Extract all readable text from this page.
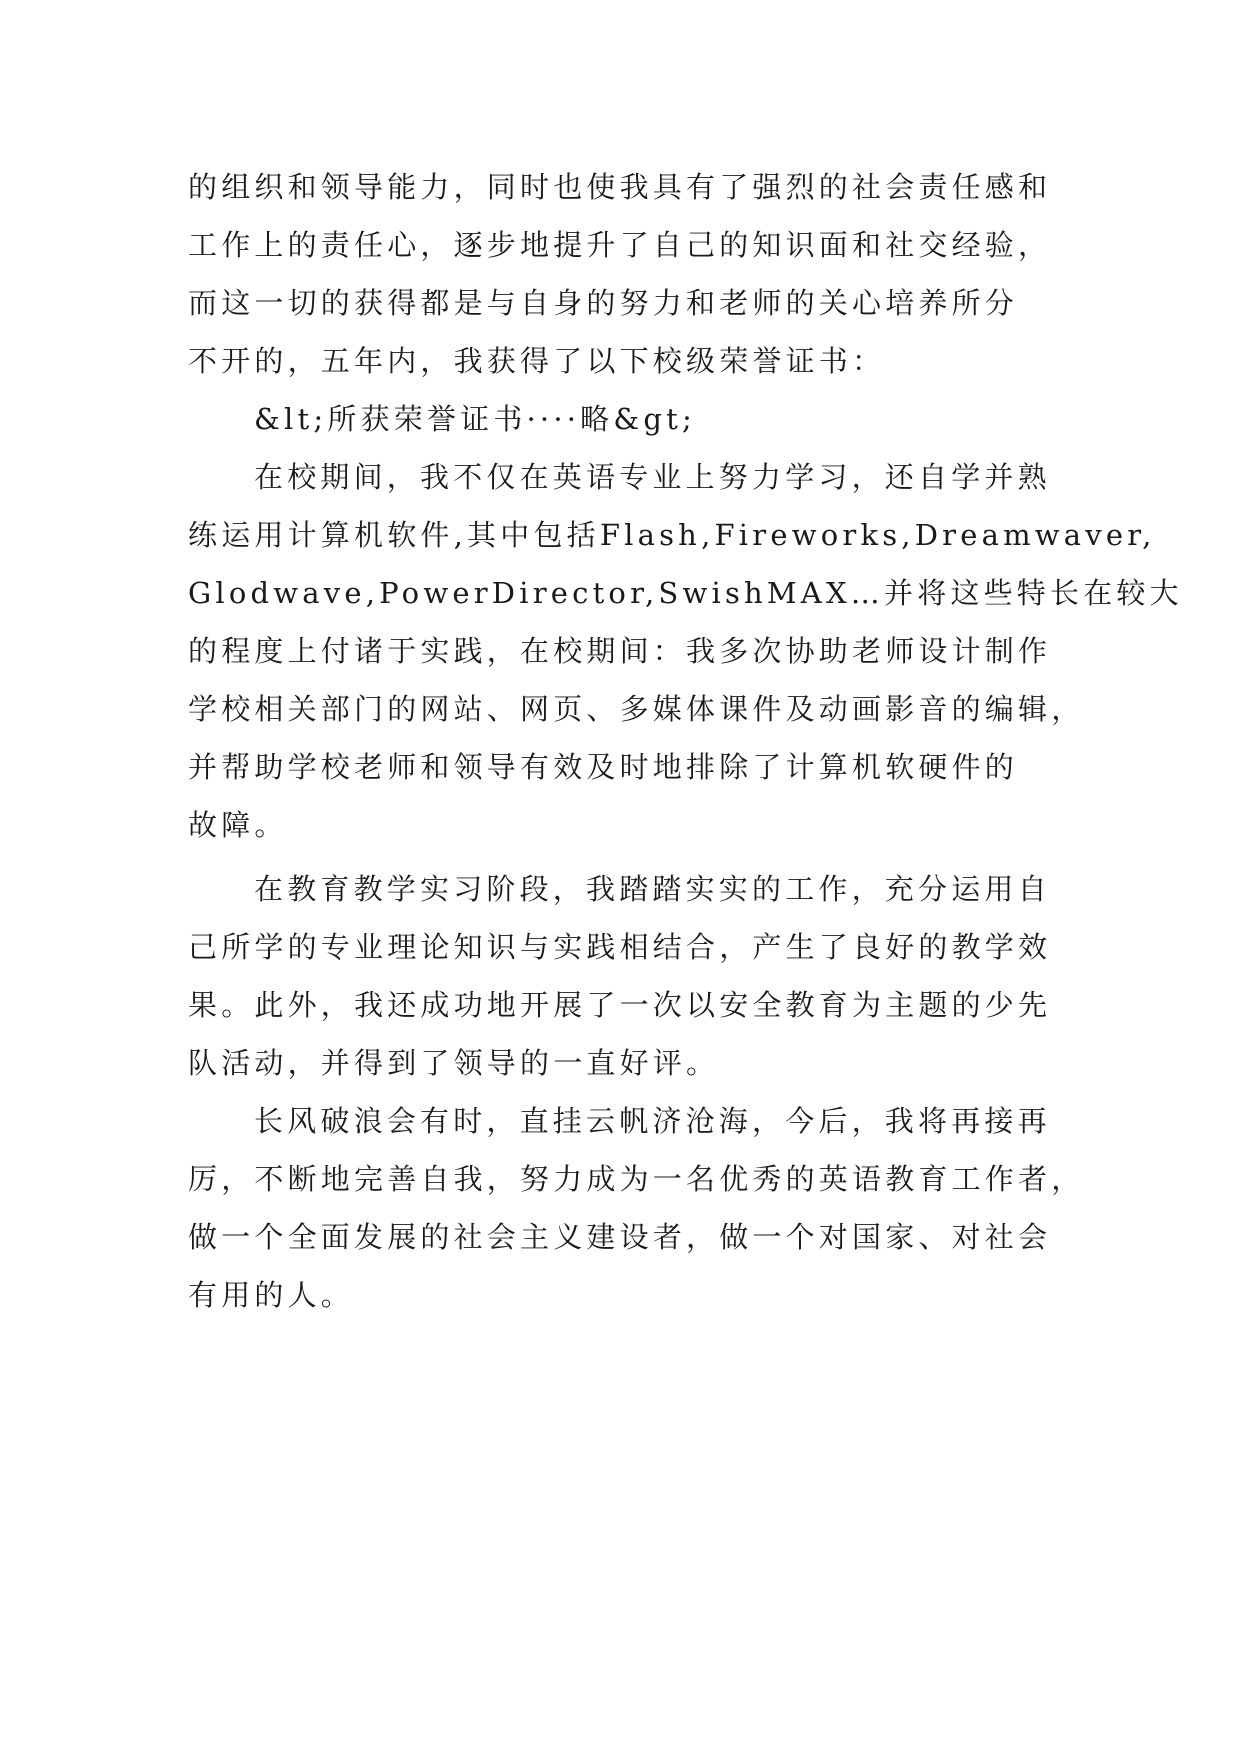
的组织和领导能力，同时也使我具有了强烈的社会责任感和
工作上的责任心，逐步地提升了自己的知识面和社交经验，
而这一切的获得都是与自身的努力和老师的关心培养所分
不开的，五年内，我获得了以下校级荣誉证书：
&lt;所获荣誉证书····略&gt;
在校期间，我不仅在英语专业上努力学习，还自学并熟
练运用计算机软件,其中包括Flash,Fireworks,Dreamwaver,
Glodwave,PowerDirector,SwishMAX…并将这些特长在较大
的程度上付诸于实践，在校期间：我多次协助老师设计制作
学校相关部门的网站、网页、多媒体课件及动画影音的编辑，
并帮助学校老师和领导有效及时地排除了计算机软硬件的
故障。
在教育教学实习阶段，我踏踏实实的工作，充分运用自
己所学的专业理论知识与实践相结合，产生了良好的教学效
果。此外，我还成功地开展了一次以安全教育为主题的少先
队活动，并得到了领导的一直好评。
长风破浪会有时，直挂云帆济沧海，今后，我将再接再
厉，不断地完善自我，努力成为一名优秀的英语教育工作者，
做一个全面发展的社会主义建设者，做一个对国家、对社会
有用的人。
